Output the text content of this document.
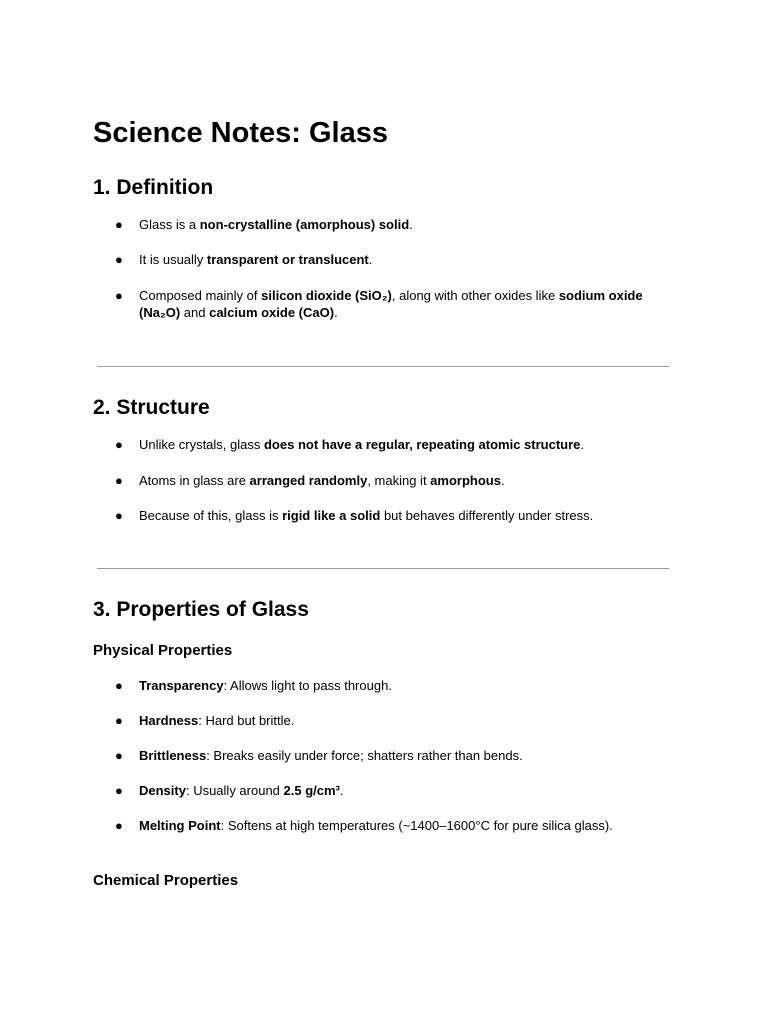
Science Notes: Glass
1. Definition
●	Glass is a non-crystalline (amorphous) solid.
●	It is usually transparent or translucent.
●	Composed mainly of silicon dioxide (SiO₂), along with other oxides like sodium oxide (Na₂O) and calcium oxide (CaO).
2. Structure
●	Unlike crystals, glass does not have a regular, repeating atomic structure.
●	Atoms in glass are arranged randomly, making it amorphous.
●	Because of this, glass is rigid like a solid but behaves differently under stress.
3. Properties of Glass
Physical Properties
●	Transparency: Allows light to pass through.
●	Hardness: Hard but brittle.
●	Brittleness: Breaks easily under force; shatters rather than bends.
●	Density: Usually around 2.5 g/cm³.
●	Melting Point: Softens at high temperatures (~1400–1600°C for pure silica glass).
Chemical Properties
